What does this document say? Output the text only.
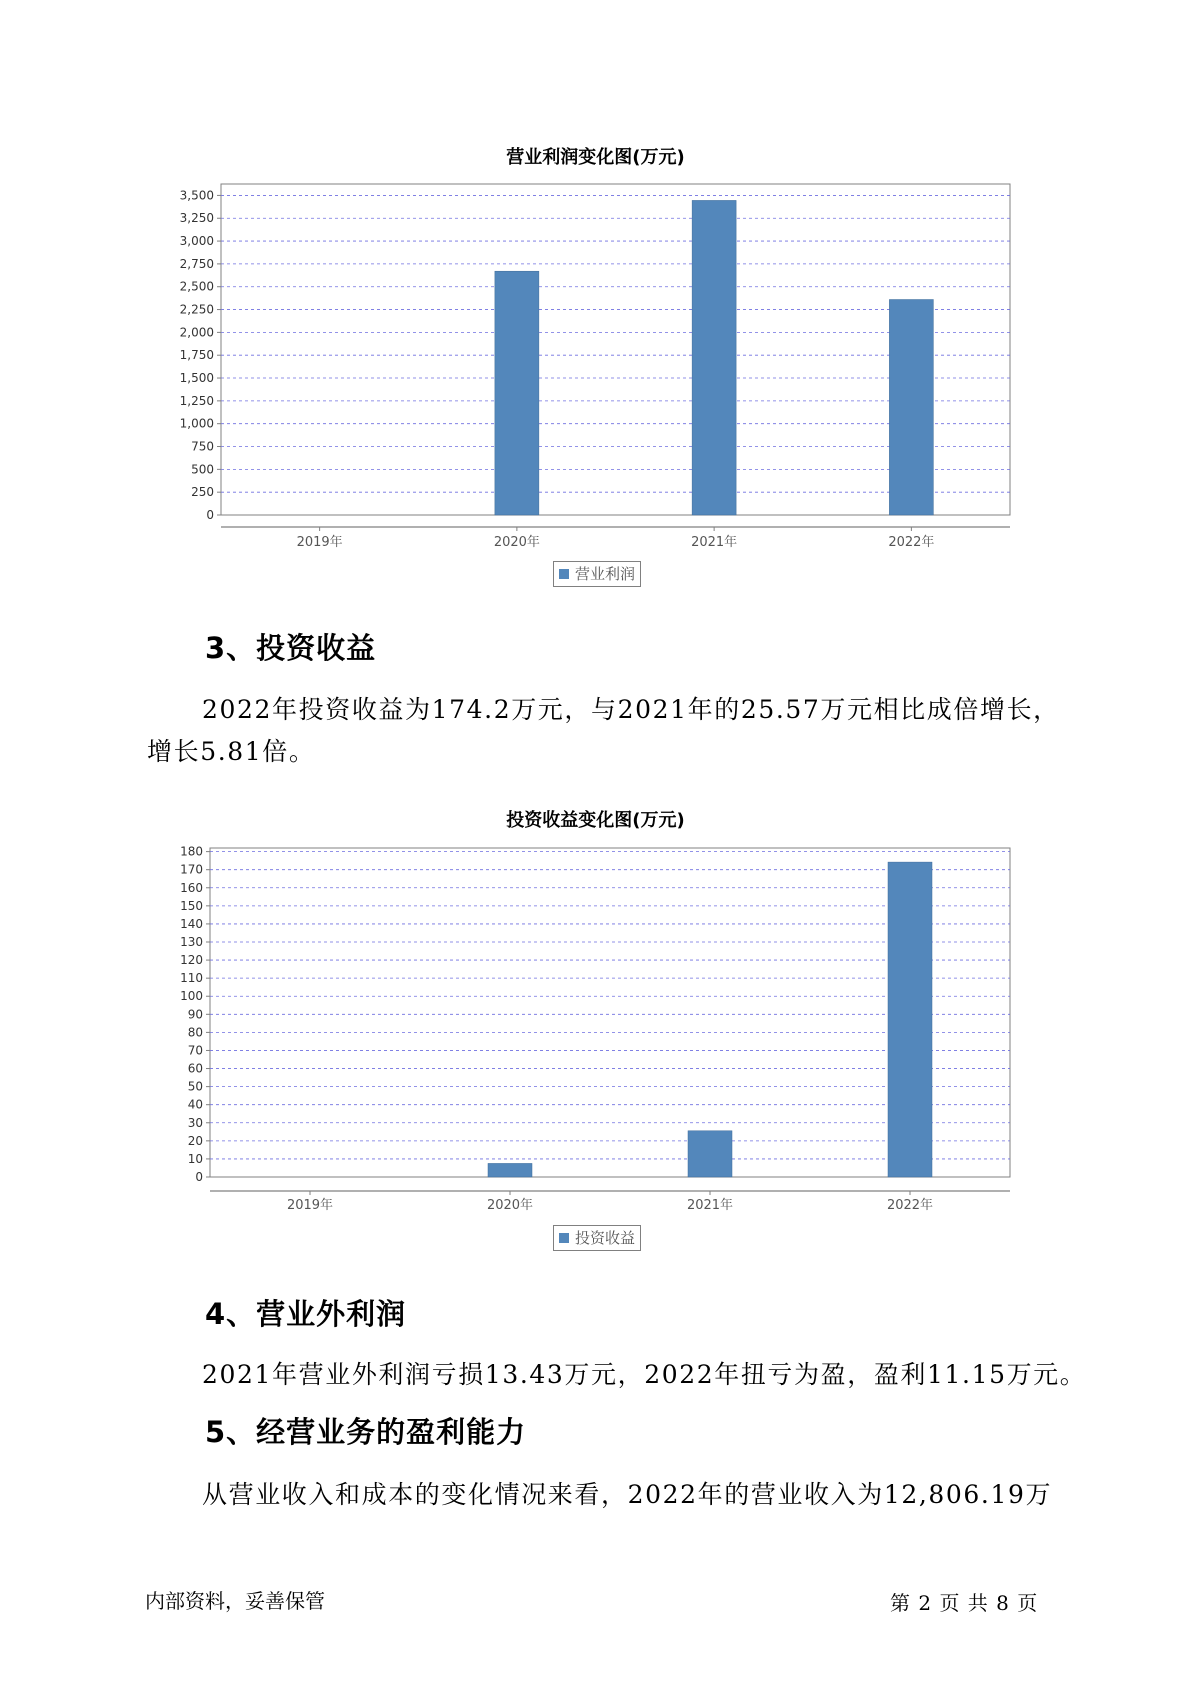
营业利润变化图(万元)
0
250
500
750
1,000
1,250
1,500
1,750
2,000
2,250
2,500
2,750
3,000
3,250
3,500
2019年	2020年	2021年	2022年
营业利润
3、投资收益

2022年投资收益为174.2万元，与2021年的25.57万元相比成倍增长，

增长5.81倍。

投资收益变化图(万元)
0
10
20
30
40
50
60
70
80
90
100
110
120
130
140
150
160
170
180
2019年	2020年	2021年	2022年
投资收益
4、营业外利润

2021年营业外利润亏损13.43万元，2022年扭亏为盈，盈利11.15万元。

5、经营业务的盈利能力

从营业收入和成本的变化情况来看，2022年的营业收入为12,806.19万

内部资料，妥善保管	第 2 页 共 8 页
